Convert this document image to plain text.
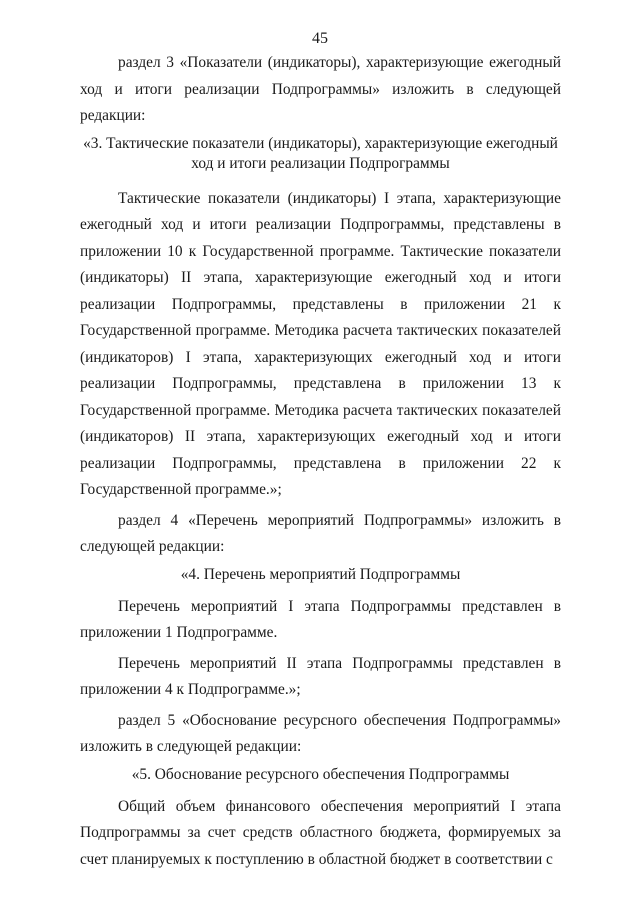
45

раздел 3 «Показатели (индикаторы), характеризующие ежегодный ход и итоги реализации Подпрограммы» изложить в следующей редакции:

«3. Тактические показатели (индикаторы), характеризующие ежегодный ход и итоги реализации Подпрограммы

Тактические показатели (индикаторы) I этапа, характеризующие ежегодный ход и итоги реализации Подпрограммы, представлены в приложении 10 к Государственной программе. Тактические показатели (индикаторы) II этапа, характеризующие ежегодный ход и итоги реализации Подпрограммы, представлены в приложении 21 к Государственной программе. Методика расчета тактических показателей (индикаторов) I этапа, характеризующих ежегодный ход и итоги реализации Подпрограммы, представлена в приложении 13 к Государственной программе. Методика расчета тактических показателей (индикаторов) II этапа, характеризующих ежегодный ход и итоги реализации Подпрограммы, представлена в приложении 22 к Государственной программе.»;

раздел 4 «Перечень мероприятий Подпрограммы» изложить в следующей редакции:

«4. Перечень мероприятий Подпрограммы

Перечень мероприятий I этапа Подпрограммы представлен в приложении 1 Подпрограмме.

Перечень мероприятий II этапа Подпрограммы представлен в приложении 4 к Подпрограмме.»;

раздел 5 «Обоснование ресурсного обеспечения Подпрограммы» изложить в следующей редакции:

«5. Обоснование ресурсного обеспечения Подпрограммы

Общий объем финансового обеспечения мероприятий I этапа Подпрограммы за счет средств областного бюджета, формируемых за счет планируемых к поступлению в областной бюджет в соответствии с
